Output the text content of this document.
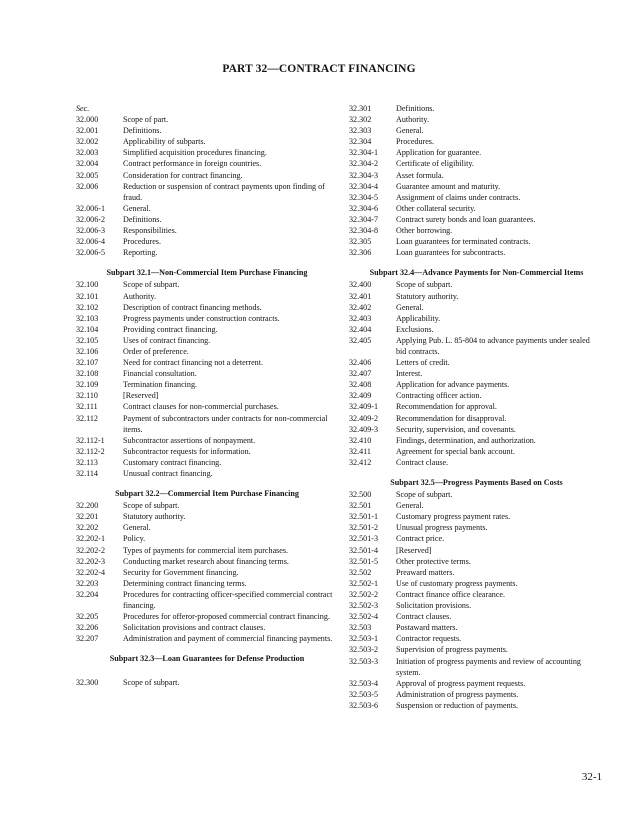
PART 32—CONTRACT FINANCING
Sec.
32.000	Scope of part.
32.001	Definitions.
32.002	Applicability of subparts.
32.003	Simplified acquisition procedures financing.
32.004	Contract performance in foreign countries.
32.005	Consideration for contract financing.
32.006	Reduction or suspension of contract payments upon finding of fraud.
32.006-1	General.
32.006-2	Definitions.
32.006-3	Responsibilities.
32.006-4	Procedures.
32.006-5	Reporting.
Subpart 32.1—Non-Commercial Item Purchase Financing
32.100	Scope of subpart.
32.101	Authority.
32.102	Description of contract financing methods.
32.103	Progress payments under construction contracts.
32.104	Providing contract financing.
32.105	Uses of contract financing.
32.106	Order of preference.
32.107	Need for contract financing not a deterrent.
32.108	Financial consultation.
32.109	Termination financing.
32.110	[Reserved]
32.111	Contract clauses for non-commercial purchases.
32.112	Payment of subcontractors under contracts for non-commercial items.
32.112-1	Subcontractor assertions of nonpayment.
32.112-2	Subcontractor requests for information.
32.113	Customary contract financing.
32.114	Unusual contract financing.
Subpart 32.2—Commercial Item Purchase Financing
32.200	Scope of subpart.
32.201	Statutory authority.
32.202	General.
32.202-1	Policy.
32.202-2	Types of payments for commercial item purchases.
32.202-3	Conducting market research about financing terms.
32.202-4	Security for Government financing.
32.203	Determining contract financing terms.
32.204	Procedures for contracting officer-specified commercial contract financing.
32.205	Procedures for offeror-proposed commercial contract financing.
32.206	Solicitation provisions and contract clauses.
32.207	Administration and payment of commercial financing payments.
Subpart 32.3—Loan Guarantees for Defense Production
32.300	Scope of subpart.
32.301	Definitions.
32.302	Authority.
32.303	General.
32.304	Procedures.
32.304-1	Application for guarantee.
32.304-2	Certificate of eligibility.
32.304-3	Asset formula.
32.304-4	Guarantee amount and maturity.
32.304-5	Assignment of claims under contracts.
32.304-6	Other collateral security.
32.304-7	Contract surety bonds and loan guarantees.
32.304-8	Other borrowing.
32.305	Loan guarantees for terminated contracts.
32.306	Loan guarantees for subcontracts.
Subpart 32.4—Advance Payments for Non-Commercial Items
32.400	Scope of subpart.
32.401	Statutory authority.
32.402	General.
32.403	Applicability.
32.404	Exclusions.
32.405	Applying Pub. L. 85-804 to advance payments under sealed bid contracts.
32.406	Letters of credit.
32.407	Interest.
32.408	Application for advance payments.
32.409	Contracting officer action.
32.409-1	Recommendation for approval.
32.409-2	Recommendation for disapproval.
32.409-3	Security, supervision, and covenants.
32.410	Findings, determination, and authorization.
32.411	Agreement for special bank account.
32.412	Contract clause.
Subpart 32.5—Progress Payments Based on Costs
32.500	Scope of subpart.
32.501	General.
32.501-1	Customary progress payment rates.
32.501-2	Unusual progress payments.
32.501-3	Contract price.
32.501-4	[Reserved]
32.501-5	Other protective terms.
32.502	Preaward matters.
32.502-1	Use of customary progress payments.
32.502-2	Contract finance office clearance.
32.502-3	Solicitation provisions.
32.502-4	Contract clauses.
32.503	Postaward matters.
32.503-1	Contractor requests.
32.503-2	Supervision of progress payments.
32.503-3	Initiation of progress payments and review of accounting system.
32.503-4	Approval of progress payment requests.
32.503-5	Administration of progress payments.
32.503-6	Suspension or reduction of payments.
32-1
